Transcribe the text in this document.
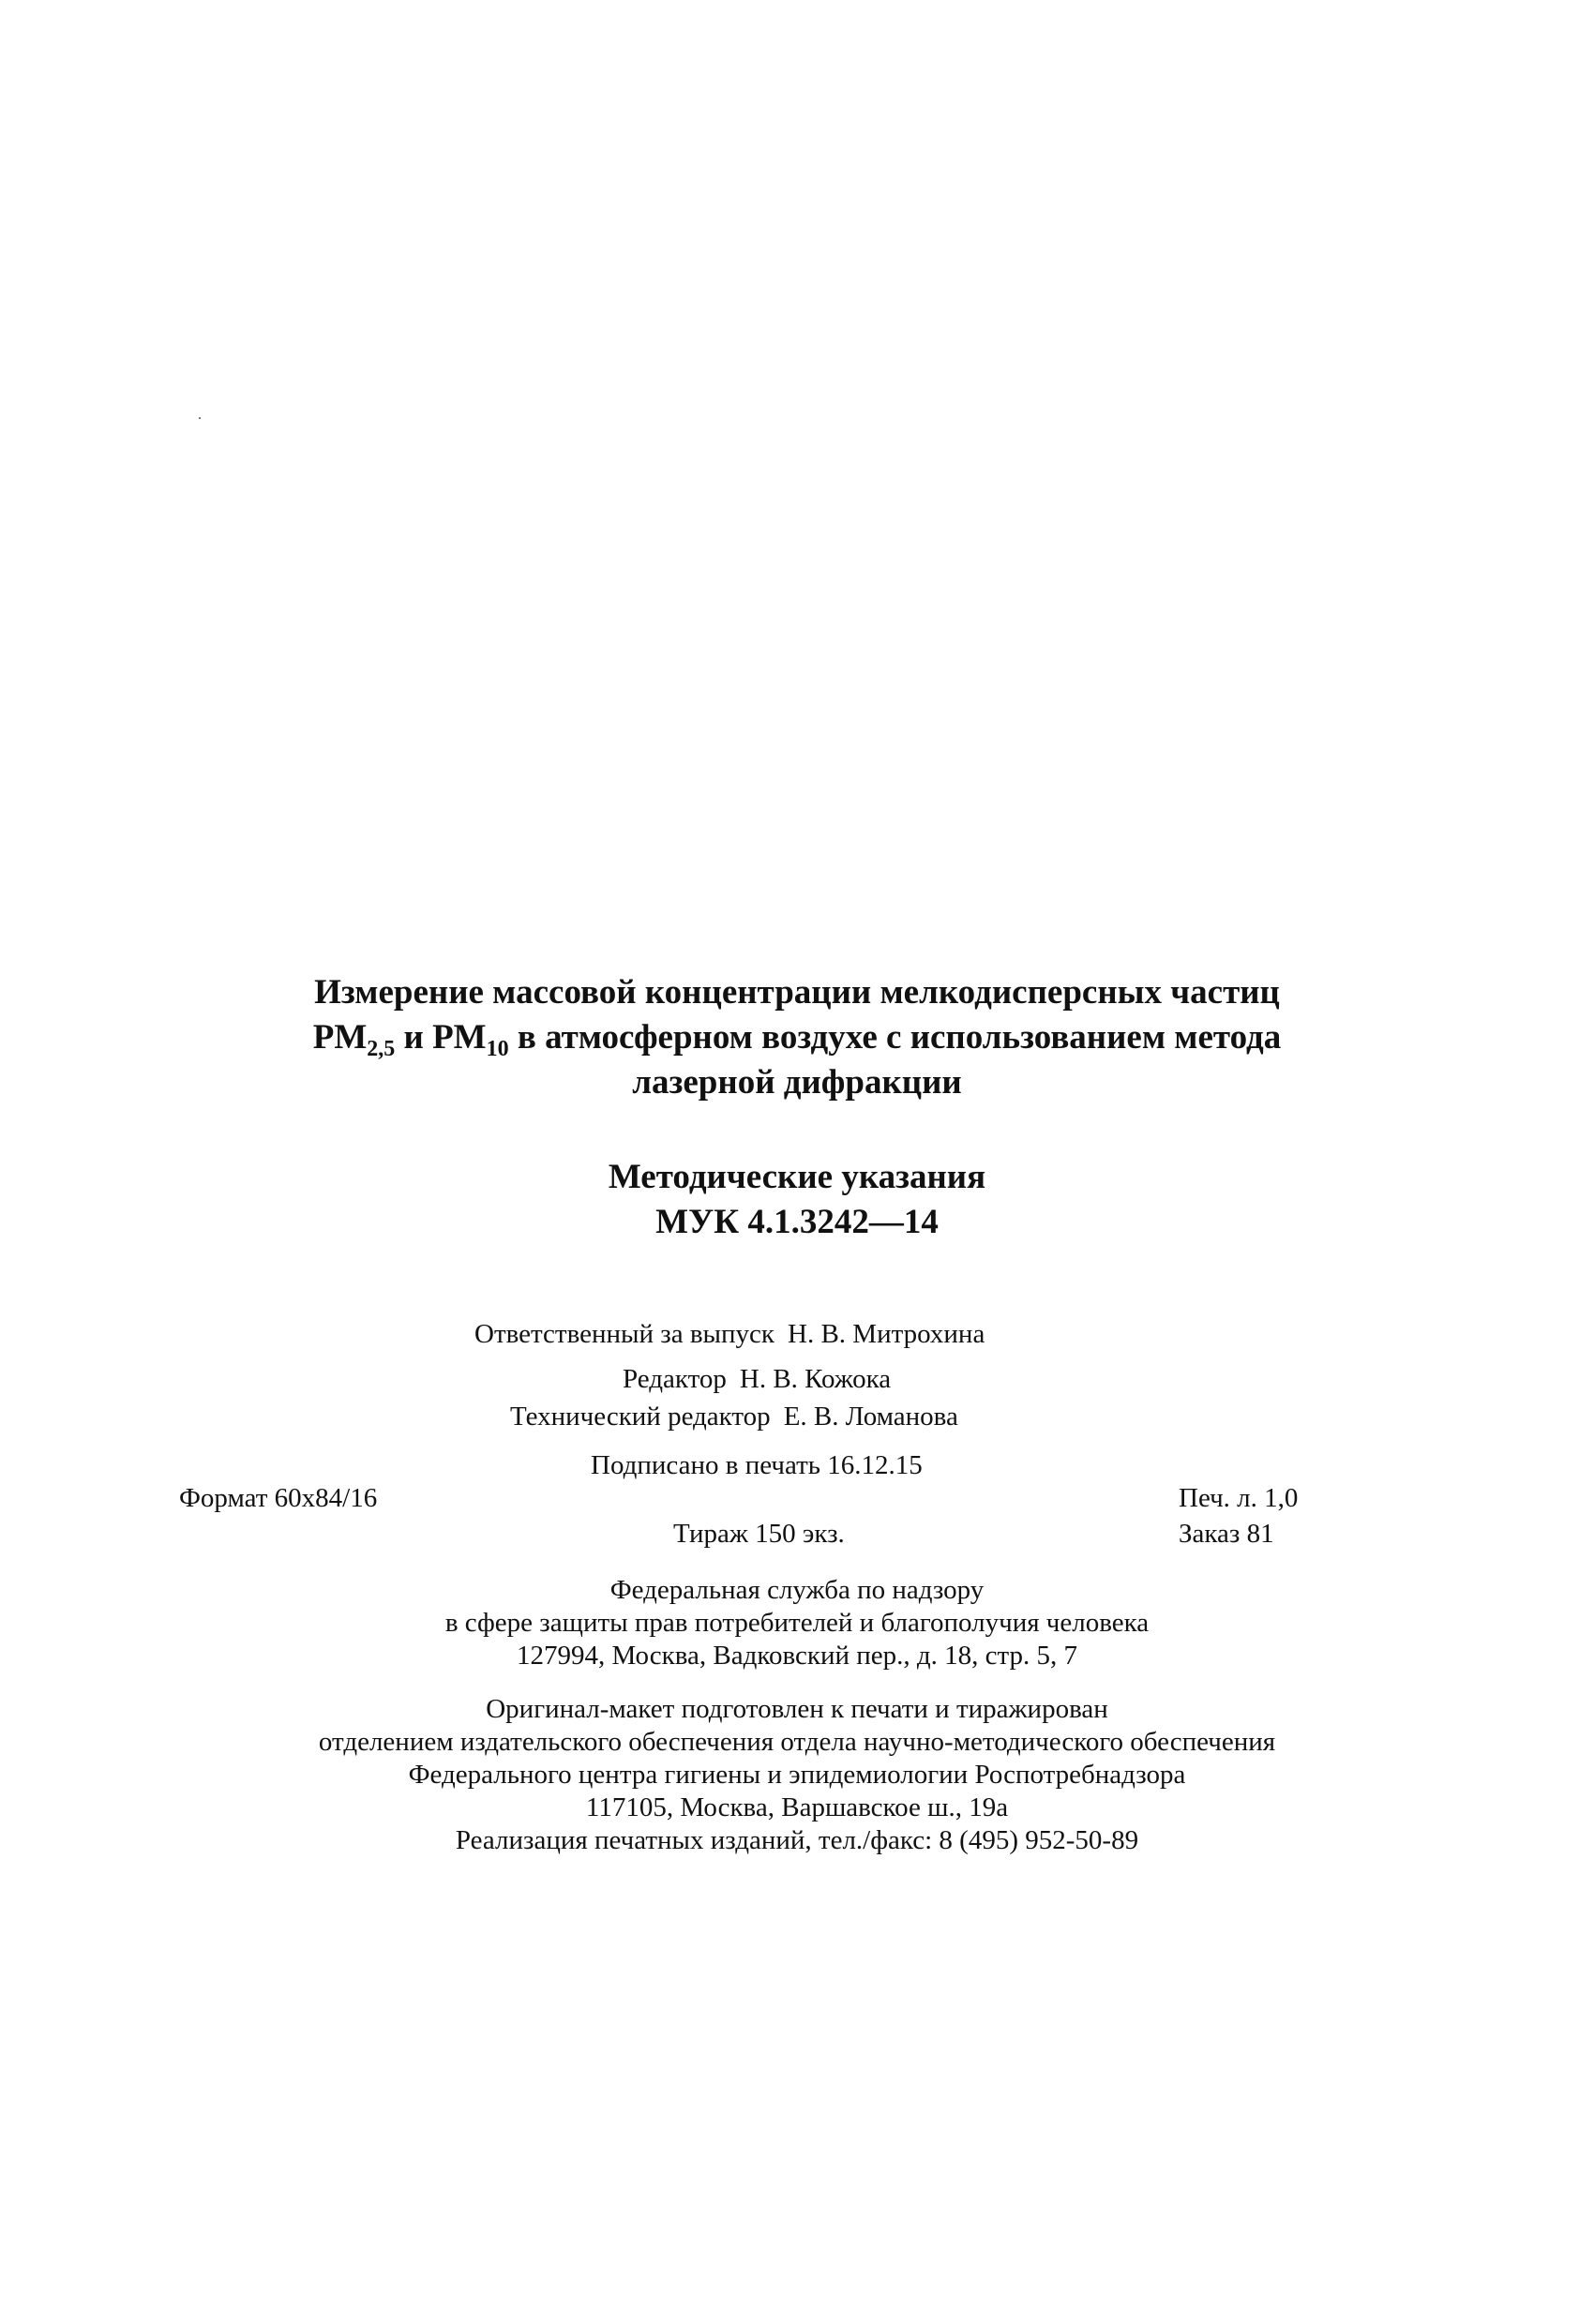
Измерение массовой концентрации мелкодисперсных частиц
$PM_{2,5}$ и $PM_{10}$ в атмосферном воздухе с использованием метода
лазерной дифракции
Методические указания
МУК 4.1.3242—14
Ответственный за выпуск Н. В. Митрохина
Редактор Н. В. Кожока
Технический редактор Е. В. Ломанова
Подписано в печать 16.12.15
Формат 60x84/16	Печ. л. 1,0
Тираж 150 экз.	Заказ 81
Федеральная служба по надзору
в сфере защиты прав потребителей и благополучия человека
127994, Москва, Вадковский пер., д. 18, стр. 5, 7
Оригинал-макет подготовлен к печати и тиражирован
отделением издательского обеспечения отдела научно-методического обеспечения
Федерального центра гигиены и эпидемиологии Роспотребнадзора
117105, Москва, Варшавское ш., 19а
Реализация печатных изданий, тел./факс: 8 (495) 952-50-89
